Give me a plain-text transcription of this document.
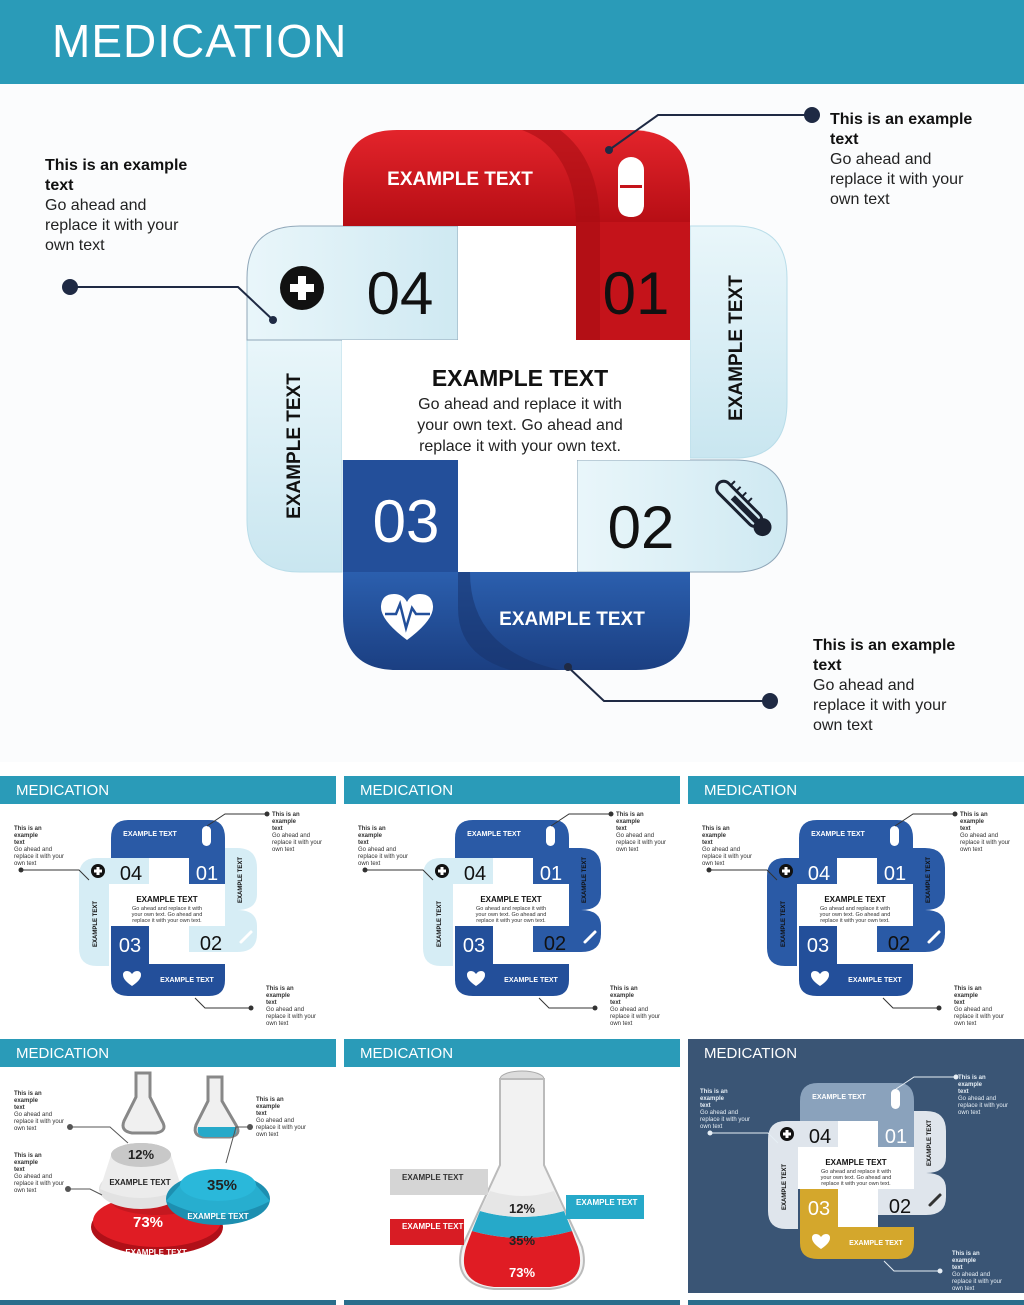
MEDICATION
EXAMPLE TEXT
EXAMPLE TEXT
EXAMPLE TEXT
EXAMPLE TEXT
01
02
03
04
EXAMPLE TEXT
Go ahead and replace it with
your own text. Go ahead and
replace it with your own text.
This is an example
text
Go ahead and
replace it with your
own text
This is an example
text
Go ahead and
replace it with your
own text
This is an example
text
Go ahead and
replace it with your
own text
MEDICATION
EXAMPLE TEXT
EXAMPLE TEXT
EXAMPLE TEXT
EXAMPLE TEXT
EXAMPLE TEXT
Go ahead and replace it with
your own text. Go ahead and
replace it with your own text.
01
02
03
04
This is an example
text
Go ahead and
replace it with your
own text
This is an example
text
Go ahead and
replace it with your
own text
This is an example
text
Go ahead and
replace it with your
own text
MEDICATION
EXAMPLE TEXT
EXAMPLE TEXT
EXAMPLE TEXT
EXAMPLE TEXT
EXAMPLE TEXT
Go ahead and replace it with
your own text. Go ahead and
replace it with your own text.
01
02
03
04
This is an example
text
Go ahead and
replace it with your
own text
This is an example
text
Go ahead and
replace it with your
own text
This is an example
text
Go ahead and
replace it with your
own text
MEDICATION
EXAMPLE TEXT
EXAMPLE TEXT
EXAMPLE TEXT
EXAMPLE TEXT
EXAMPLE TEXT
Go ahead and replace it with
your own text. Go ahead and
replace it with your own text.
01
02
03
04
This is an example
text
Go ahead and
replace it with your
own text
This is an example
text
Go ahead and
replace it with your
own text
This is an example
text
Go ahead and
replace it with your
own text
MEDICATION
12%
EXAMPLE TEXT 35%
EXAMPLE TEXT
73%
EXAMPLE TEXT
This is an example
text
Go ahead and
replace it with your
own text
This is an example
text
Go ahead and
replace it with your
own text
This is an example
text
Go ahead and
replace it with your
own text
MEDICATION
EXAMPLE TEXT
EXAMPLE TEXT
EXAMPLE TEXT
12%
35%
73%
MEDICATION
EXAMPLE TEXT
EXAMPLE TEXT
EXAMPLE TEXT
EXAMPLE TEXT
EXAMPLE TEXT
Go ahead and replace it with
your own text. Go ahead and
replace it with your own text.
01
02
03
04
This is an example
text
Go ahead and
replace it with your
own text
This is an example
text
Go ahead and
replace it with your
own text
This is an example
text
Go ahead and
replace it with your
own text
